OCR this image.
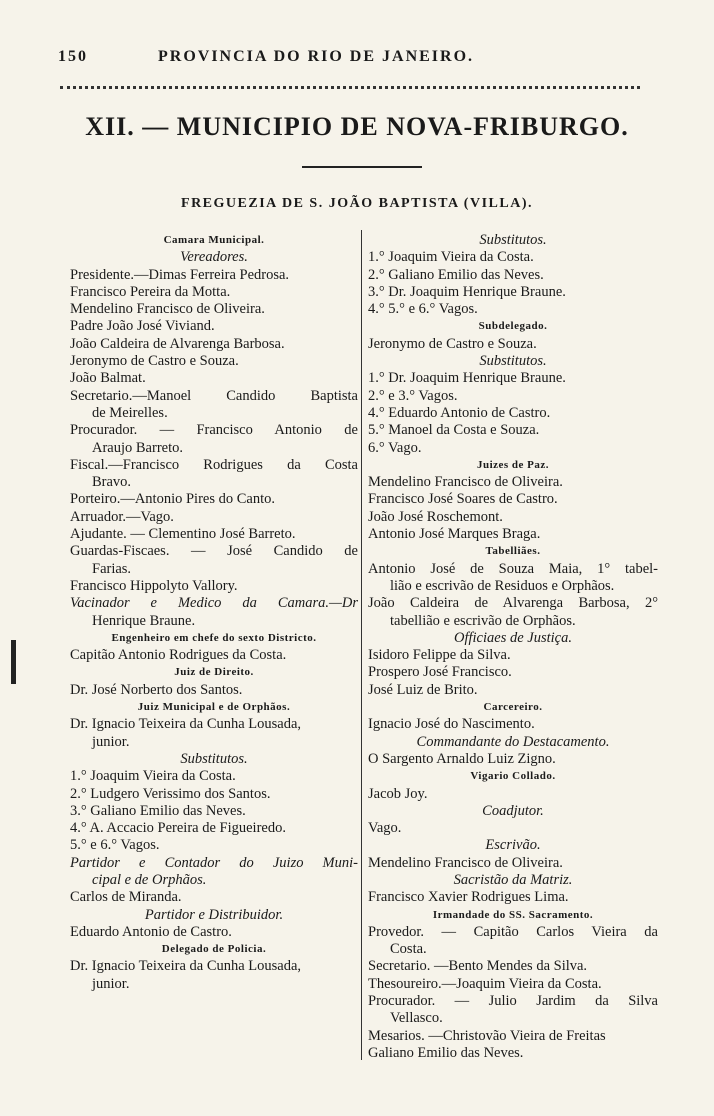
150	PROVINCIA DO RIO DE JANEIRO.
XII. — MUNICIPIO DE NOVA-FRIBURGO.
FREGUEZIA DE S. JOÃO BAPTISTA (VILLA).
Camara Municipal.
Vereadores.
Presidente.—Dimas Ferreira Pedrosa.
Francisco Pereira da Motta.
Mendelino Francisco de Oliveira.
Padre João José Viviand.
João Caldeira de Alvarenga Barbosa.
Jeronymo de Castro e Souza.
João Balmat.
Secretario.—Manoel Candido Baptista
de Meirelles.
Procurador. — Francisco Antonio de
Araujo Barreto.
Fiscal.—Francisco Rodrigues da Costa
Bravo.
Porteiro.—Antonio Pires do Canto.
Arruador.—Vago.
Ajudante. — Clementino José Barreto.
Guardas-Fiscaes. — José Candido de
Farias.
Francisco Hippolyto Vallory.
Vacinador e Medico da Camara.—Dr
Henrique Braune.
Engenheiro em chefe do sexto Districto.
Capitão Antonio Rodrigues da Costa.
Juiz de Direito.
Dr. José Norberto dos Santos.
Juiz Municipal e de Orphãos.
Dr. Ignacio Teixeira da Cunha Lousada,
junior.
Substitutos.
1.° Joaquim Vieira da Costa.
2.° Ludgero Verissimo dos Santos.
3.° Galiano Emilio das Neves.
4.° A. Accacio Pereira de Figueiredo.
5.° e 6.° Vagos.
Partidor e Contador do Juizo Muni-
cipal e de Orphãos.
Carlos de Miranda.
Partidor e Distribuidor.
Eduardo Antonio de Castro.
Delegado de Policia.
Dr. Ignacio Teixeira da Cunha Lousada,
junior.
Substitutos.
1.° Joaquim Vieira da Costa.
2.° Galiano Emilio das Neves.
3.° Dr. Joaquim Henrique Braune.
4.° 5.° e 6.° Vagos.
Subdelegado.
Jeronymo de Castro e Souza.
Substitutos.
1.° Dr. Joaquim Henrique Braune.
2.° e 3.° Vagos.
4.° Eduardo Antonio de Castro.
5.° Manoel da Costa e Souza.
6.° Vago.
Juizes de Paz.
Mendelino Francisco de Oliveira.
Francisco José Soares de Castro.
João José Roschemont.
Antonio José Marques Braga.
Tabelliães.
Antonio José de Souza Maia, 1° tabel-
lião e escrivão de Residuos e Orphãos.
João Caldeira de Alvarenga Barbosa, 2°
tabellião e escrivão de Orphãos.
Officiaes de Justiça.
Isidoro Felippe da Silva.
Prospero José Francisco.
José Luiz de Brito.
Carcereiro.
Ignacio José do Nascimento.
Commandante do Destacamento.
O Sargento Arnaldo Luiz Zigno.
Vigario Collado.
Jacob Joy.
Coadjutor.
Vago.
Escrivão.
Mendelino Francisco de Oliveira.
Sacristão da Matriz.
Francisco Xavier Rodrigues Lima.
Irmandade do SS. Sacramento.
Provedor. — Capitão Carlos Vieira da
Costa.
Secretario. —Bento Mendes da Silva.
Thesoureiro.—Joaquim Vieira da Costa.
Procurador. — Julio Jardim da Silva
Vellasco.
Mesarios. —Christovão Vieira de Freitas
Galiano Emilio das Neves.
